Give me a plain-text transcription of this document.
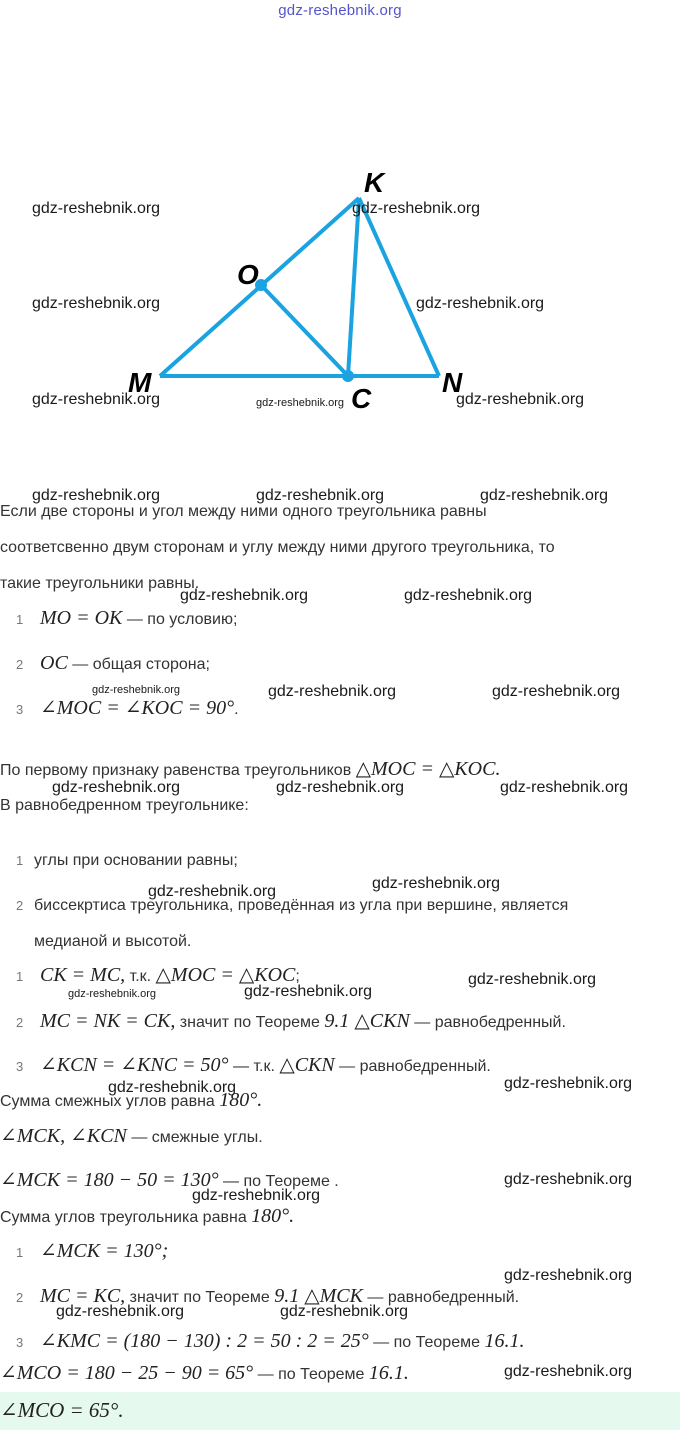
gdz-reshebnik.org
K
O
M
C
N
Если две стороны и угол между ними одного треугольника равны
соответсвенно двум сторонам и углу между ними другого треугольника, то
такие треугольники равны.
1 MO = OK — по условию;
2 OC — общая сторона;
3 ∠MOC = ∠KOC = 90°.
По первому признаку равенства треугольников △MOC = △KOC.
В равнобедренном треугольнике:
1 углы при основании равны;
2 биссекртиса треугольника, проведённая из угла при вершине, является
медианой и высотой.
1 CK = MC, т.к. △MOC = △KOC;
2 MC = NK = CK, значит по Теореме 9.1 △CKN — равнобедренный.
3 ∠KCN = ∠KNC = 50° — т.к. △CKN — равнобедренный.
Сумма смежных углов равна 180°.
∠MCK, ∠KCN — смежные углы.
∠MCK = 180 − 50 = 130° — по Теореме .
Сумма углов треугольника равна 180°.
1 ∠MCK = 130°;
2 MC = KC, значит по Теореме 9.1 △MCK — равнобедренный.
3 ∠KMC = (180 − 130) : 2 = 50 : 2 = 25° — по Теореме 16.1.
∠MCO = 180 − 25 − 90 = 65° — по Теореме 16.1.
∠MCO = 65°.
gdz-reshebnik.org	gdz-reshebnik.org
gdz-reshebnik.org	gdz-reshebnik.org
gdz-reshebnik.org	gdz-reshebnik.org	gdz-reshebnik.org
gdz-reshebnik.org	gdz-reshebnik.org	gdz-reshebnik.org
gdz-reshebnik.org	gdz-reshebnik.org
gdz-reshebnik.org	gdz-reshebnik.org	gdz-reshebnik.org
gdz-reshebnik.org	gdz-reshebnik.org	gdz-reshebnik.org
gdz-reshebnik.org	gdz-reshebnik.org
gdz-reshebnik.org	gdz-reshebnik.org
gdz-reshebnik.org
gdz-reshebnik.org	gdz-reshebnik.org
gdz-reshebnik.org
gdz-reshebnik.org
gdz-reshebnik.org
gdz-reshebnik.org	gdz-reshebnik.org
gdz-reshebnik.org
